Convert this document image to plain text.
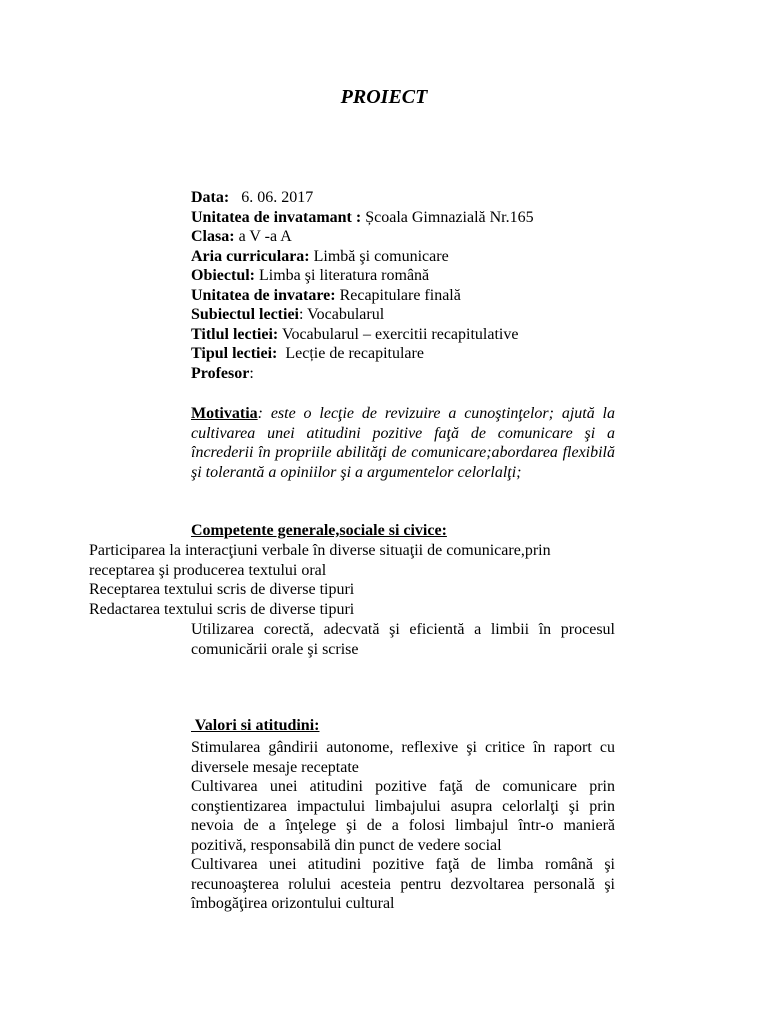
PROIECT
Data:   6. 06. 2017
Unitatea de invatamant : Școala Gimnazială Nr.165
Clasa: a V -a A
Aria curriculara: Limbă şi comunicare
Obiectul: Limba şi literatura română
Unitatea de invatare: Recapitulare finală
Subiectul lectiei: Vocabularul
Titlul lectiei: Vocabularul – exercitii recapitulative
Tipul lectiei:  Lecție de recapitulare
Profesor:
Motivatia: este o lecţie de revizuire a cunoştinţelor; ajută la cultivarea unei atitudini pozitive faţă de comunicare şi a încrederii în propriile abilităţi de comunicare;abordarea flexibilă şi tolerantă a opiniilor şi a argumentelor celorlalţi;
Competente generale,sociale si civice:
Participarea la interacţiuni verbale în diverse situaţii de comunicare,prin receptarea şi producerea textului oral
Receptarea textului scris de diverse tipuri
Redactarea textului scris de diverse tipuri
Utilizarea corectă, adecvată şi eficientă a limbii în procesul comunicării orale şi scrise
Valori si atitudini:
Stimularea gândirii autonome, reflexive şi critice în raport cu diversele mesaje receptate
Cultivarea unei atitudini pozitive faţă de comunicare prin conştientizarea impactului limbajului asupra celorlalţi şi prin nevoia de a înţelege şi de a folosi limbajul într-o manieră pozitivă, responsabilă din punct de vedere social
Cultivarea unei atitudini pozitive faţă de limba română şi recunoaşterea rolului acesteia pentru dezvoltarea personală şi îmbogăţirea orizontului cultural
